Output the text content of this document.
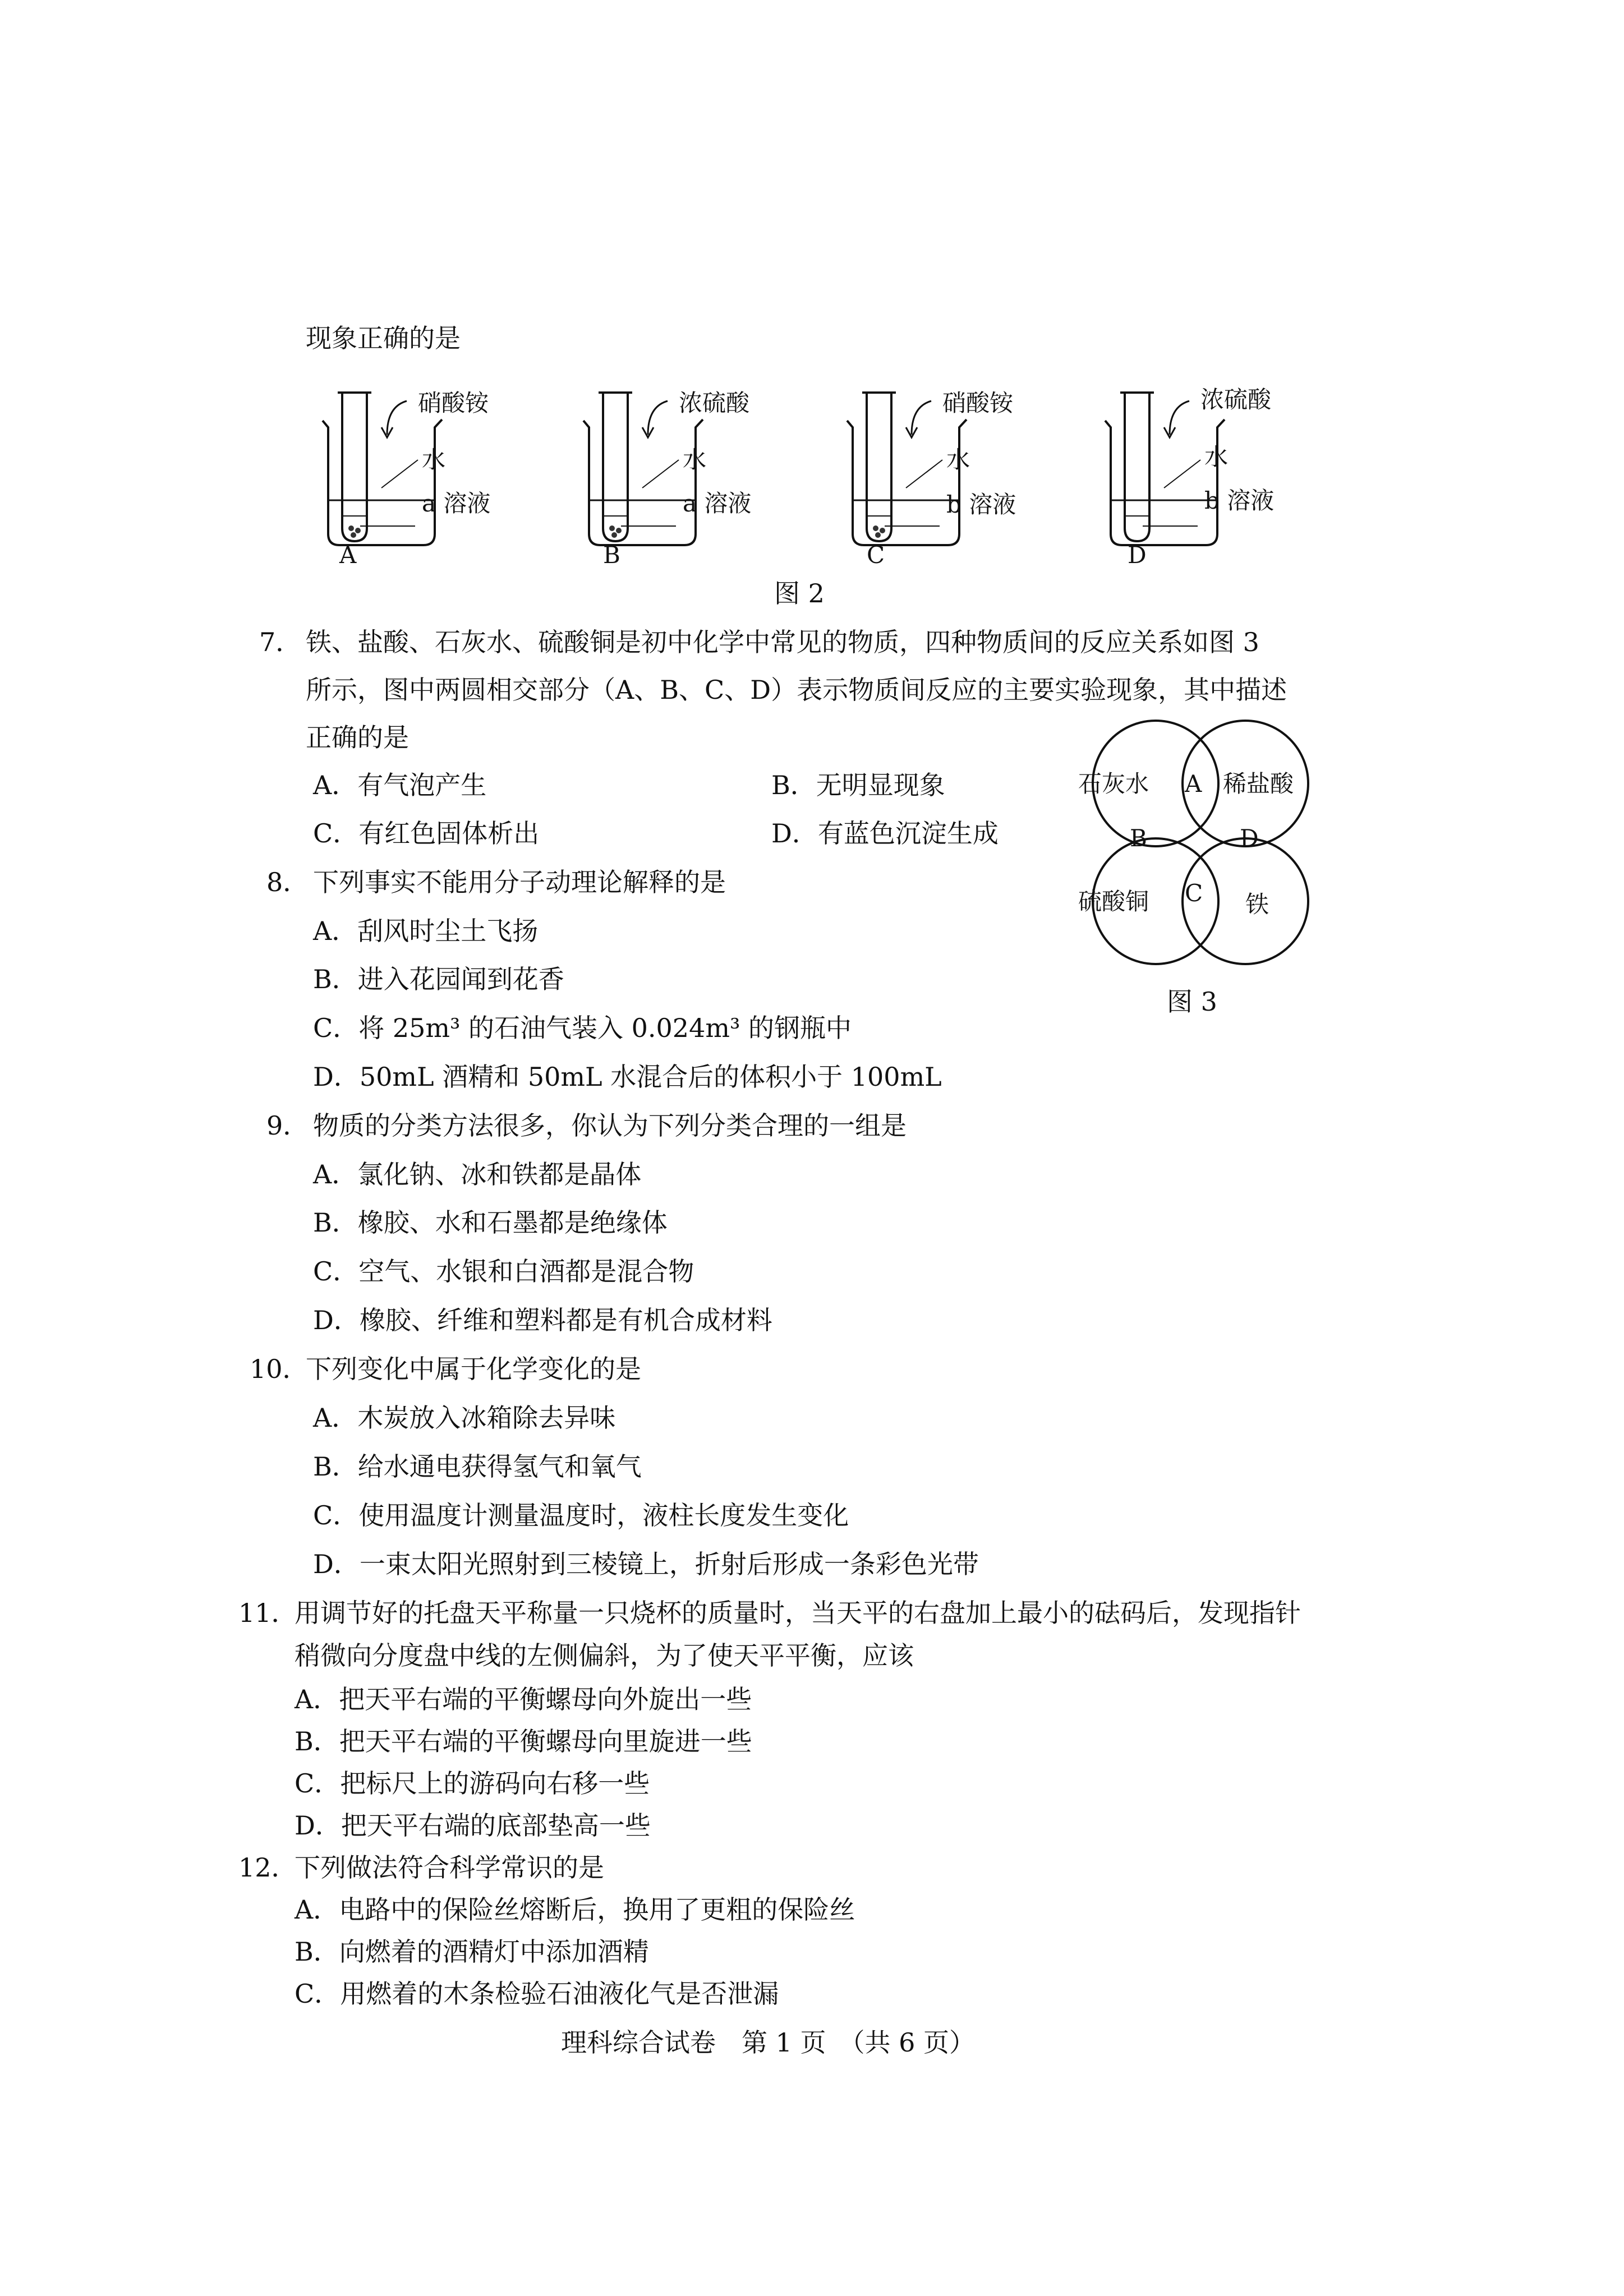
现象正确的是
硝酸铵
水
a 溶液
A
浓硫酸
水
a 溶液
B
硝酸铵
水
b 溶液
C
浓硫酸
水
b 溶液
D
图 2
石灰水	稀盐酸
硫酸铜	铁
A
B
C
D
图 3
7． 铁、盐酸、石灰水、硫酸铜是初中化学中常见的物质，四种物质间的反应关系如图 3
所示，图中两圆相交部分（A、B、C、D）表示物质间反应的主要实验现象，其中描述
正确的是
A．有气泡产生	B．无明显现象
C．有红色固体析出	D．有蓝色沉淀生成
8． 下列事实不能用分子动理论解释的是
A．刮风时尘土飞扬
B．进入花园闻到花香
C．将 25m³ 的石油气装入 0.024m³ 的钢瓶中
D．50mL 酒精和 50mL 水混合后的体积小于 100mL
9． 物质的分类方法很多，你认为下列分类合理的一组是
A．氯化钠、冰和铁都是晶体
B．橡胶、水和石墨都是绝缘体
C．空气、水银和白酒都是混合物
D．橡胶、纤维和塑料都是有机合成材料
10．
下列变化中属于化学变化的是
A．木炭放入冰箱除去异味
B．给水通电获得氢气和氧气
C．使用温度计测量温度时，液柱长度发生变化
D．一束太阳光照射到三棱镜上，折射后形成一条彩色光带
11．
用调节好的托盘天平称量一只烧杯的质量时，当天平的右盘加上最小的砝码后，发现指针
稍微向分度盘中线的左侧偏斜，为了使天平平衡，应该
A．把天平右端的平衡螺母向外旋出一些
B．把天平右端的平衡螺母向里旋进一些
C．把标尺上的游码向右移一些
D．把天平右端的底部垫高一些
12．
下列做法符合科学常识的是
A．电路中的保险丝熔断后，换用了更粗的保险丝
B．向燃着的酒精灯中添加酒精
C．用燃着的木条检验石油液化气是否泄漏
理科综合试卷　第 1 页　（共 6 页）
